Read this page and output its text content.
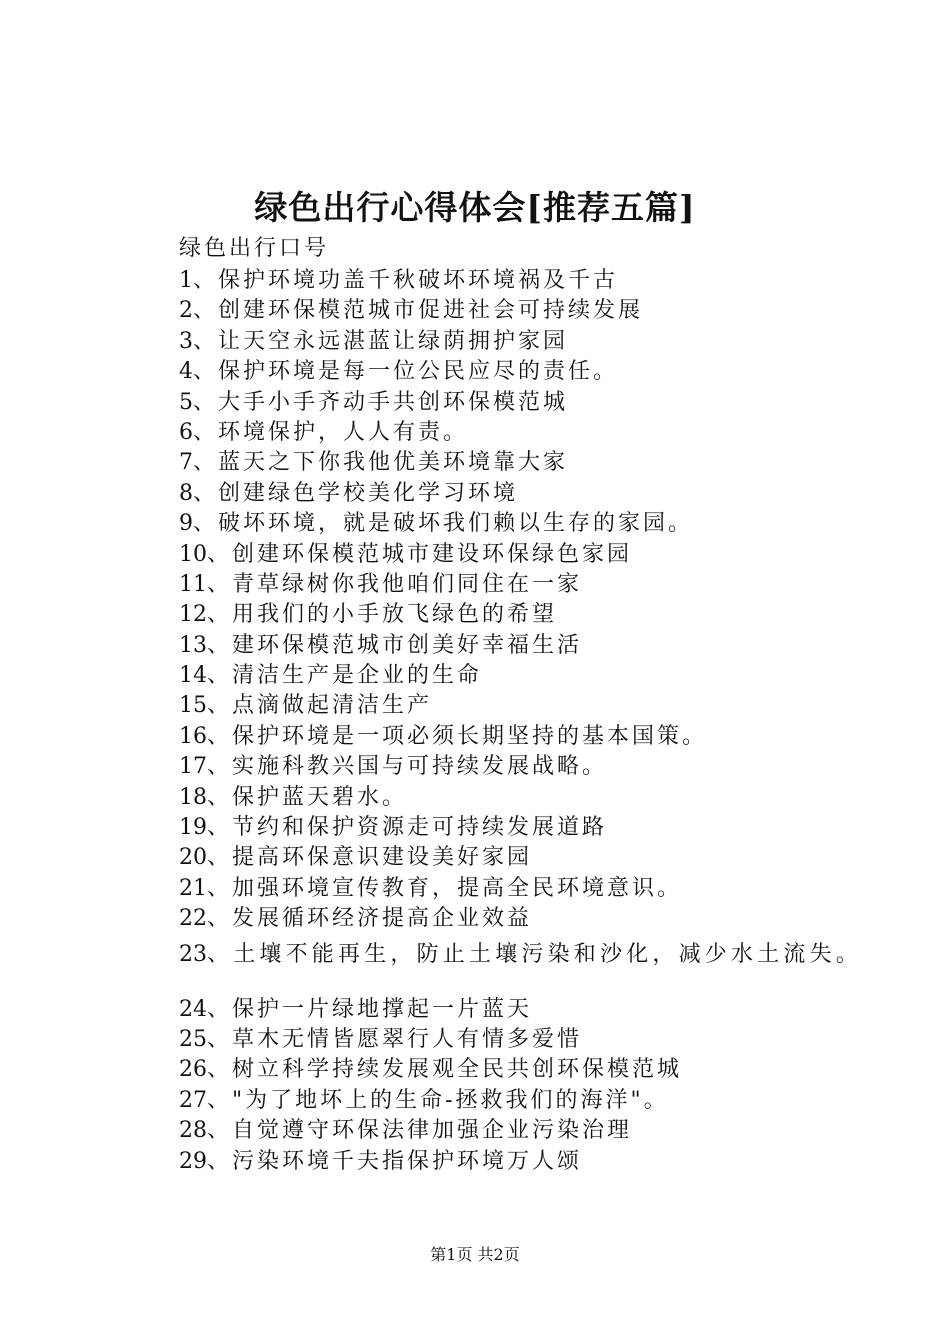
绿色出行心得体会[推荐五篇]

绿色出行口号

1、保护环境功盖千秋破坏环境祸及千古
2、创建环保模范城市促进社会可持续发展
3、让天空永远湛蓝让绿荫拥护家园
4、保护环境是每一位公民应尽的责任。
5、大手小手齐动手共创环保模范城
6、环境保护，人人有责。
7、蓝天之下你我他优美环境靠大家
8、创建绿色学校美化学习环境
9、破坏环境，就是破坏我们赖以生存的家园。
10、创建环保模范城市建设环保绿色家园
11、青草绿树你我他咱们同住在一家
12、用我们的小手放飞绿色的希望
13、建环保模范城市创美好幸福生活
14、清洁生产是企业的生命
15、点滴做起清洁生产
16、保护环境是一项必须长期坚持的基本国策。
17、实施科教兴国与可持续发展战略。
18、保护蓝天碧水。
19、节约和保护资源走可持续发展道路
20、提高环保意识建设美好家园
21、加强环境宣传教育，提高全民环境意识。
22、发展循环经济提高企业效益
23、土壤不能再生，防止土壤污染和沙化，减少水土流失。
24、保护一片绿地撑起一片蓝天
25、草木无情皆愿翠行人有情多爱惜
26、树立科学持续发展观全民共创环保模范城
27、"为了地坏上的生命-拯救我们的海洋"。
28、自觉遵守环保法律加强企业污染治理
29、污染环境千夫指保护环境万人颂

第1页 共2页
